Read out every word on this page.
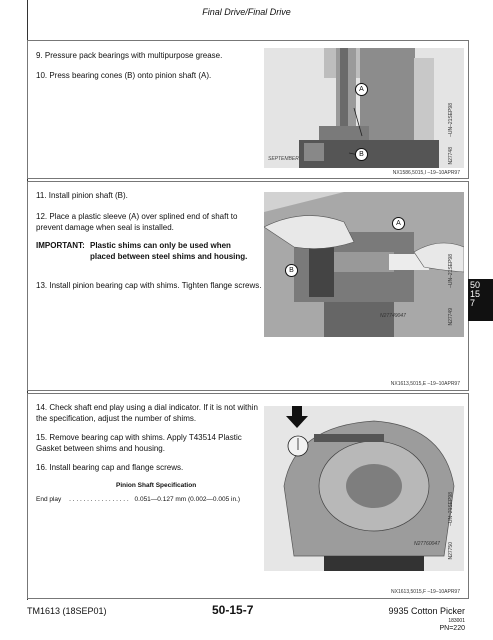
Final Drive/Final Drive
9. Pressure pack bearings with multipurpose grease.
10. Press bearing cones (B) onto pinion shaft (A).
A
B
SEPTEMBER
–UN–21SEP98
N27748
NX1586,5015,I –19–10APR97
11. Install pinion shaft (B).
12. Place a plastic sleeve (A) over splined end of shaft to prevent damage when seal is installed.
IMPORTANT: Plastic shims can only be used when placed between steel shims and housing.
13. Install pinion bearing cap with shims. Tighten flange screws.
A
B
N27749047
–UN–21SEP98
N27749
NX1613,5015,E –19–10APR97
50
15
7
14. Check shaft end play using a dial indicator. If it is not within the specification, adjust the number of shims.
15. Remove bearing cap with shims. Apply T43514 Plastic Gasket between shims and housing.
16. Install bearing cap and flange screws.
Pinion Shaft Specification
End play . . . . . . . . . . . . . . . . . 0.051—0.127 mm (0.002—0.005 in.)
N27760047
–UN–21SEP98
N27750
NX1613,5015,F –19–10APR97
TM1613 (18SEP01)	50-15-7	9935 Cotton Picker
183001
PN=220
